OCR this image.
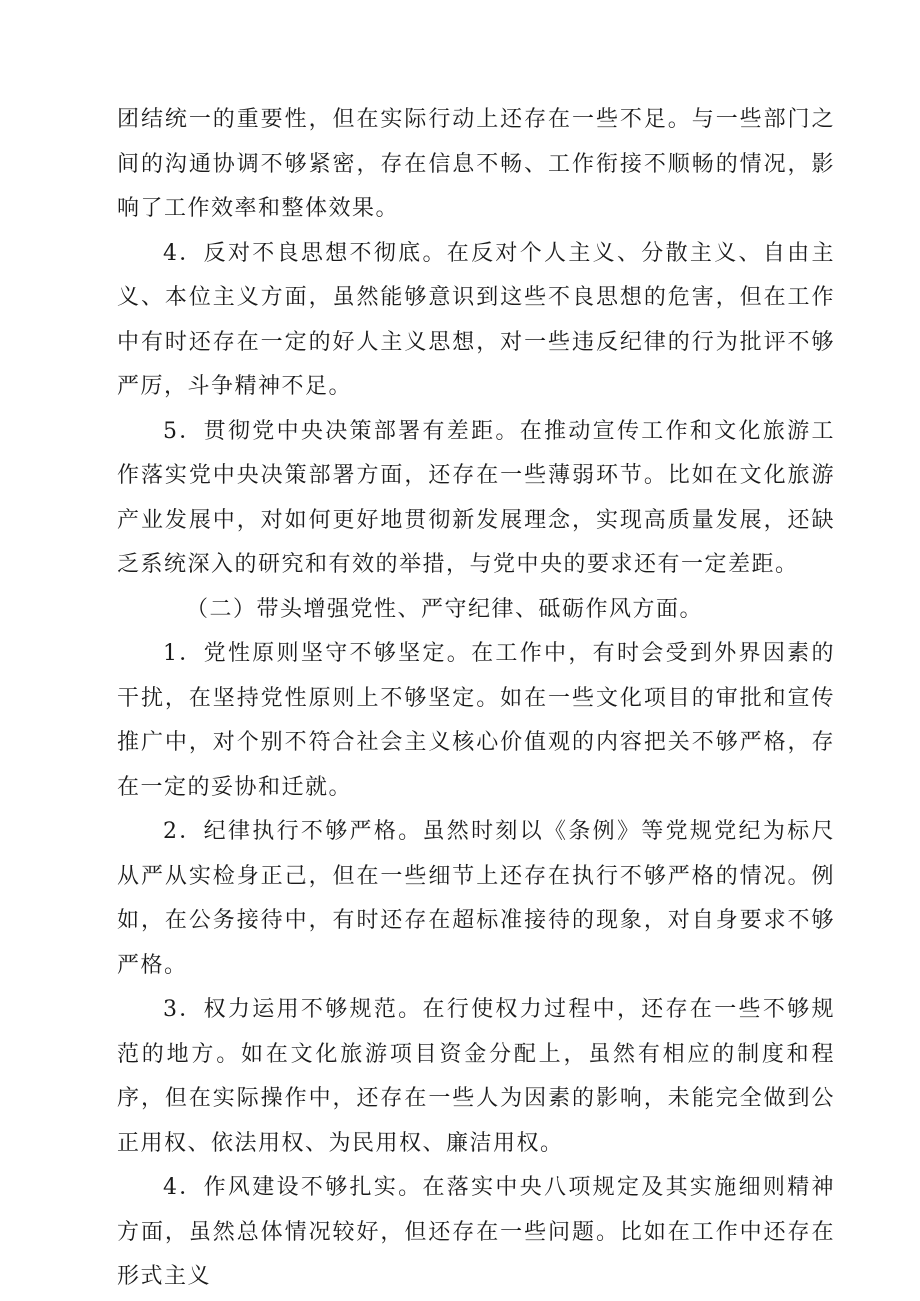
团结统一的重要性，但在实际行动上还存在一些不足。与一些部门之间的沟通协调不够紧密，存在信息不畅、工作衔接不顺畅的情况，影响了工作效率和整体效果。

4．反对不良思想不彻底。在反对个人主义、分散主义、自由主义、本位主义方面，虽然能够意识到这些不良思想的危害，但在工作中有时还存在一定的好人主义思想，对一些违反纪律的行为批评不够严厉，斗争精神不足。

5．贯彻党中央决策部署有差距。在推动宣传工作和文化旅游工作落实党中央决策部署方面，还存在一些薄弱环节。比如在文化旅游产业发展中，对如何更好地贯彻新发展理念，实现高质量发展，还缺乏系统深入的研究和有效的举措，与党中央的要求还有一定差距。

（二）带头增强党性、严守纪律、砥砺作风方面。

1．党性原则坚守不够坚定。在工作中，有时会受到外界因素的干扰，在坚持党性原则上不够坚定。如在一些文化项目的审批和宣传推广中，对个别不符合社会主义核心价值观的内容把关不够严格，存在一定的妥协和迁就。

2．纪律执行不够严格。虽然时刻以《条例》等党规党纪为标尺从严从实检身正己，但在一些细节上还存在执行不够严格的情况。例如，在公务接待中，有时还存在超标准接待的现象，对自身要求不够严格。

3．权力运用不够规范。在行使权力过程中，还存在一些不够规范的地方。如在文化旅游项目资金分配上，虽然有相应的制度和程序，但在实际操作中，还存在一些人为因素的影响，未能完全做到公正用权、依法用权、为民用权、廉洁用权。

4．作风建设不够扎实。在落实中央八项规定及其实施细则精神方面，虽然总体情况较好，但还存在一些问题。比如在工作中还存在形式主义
